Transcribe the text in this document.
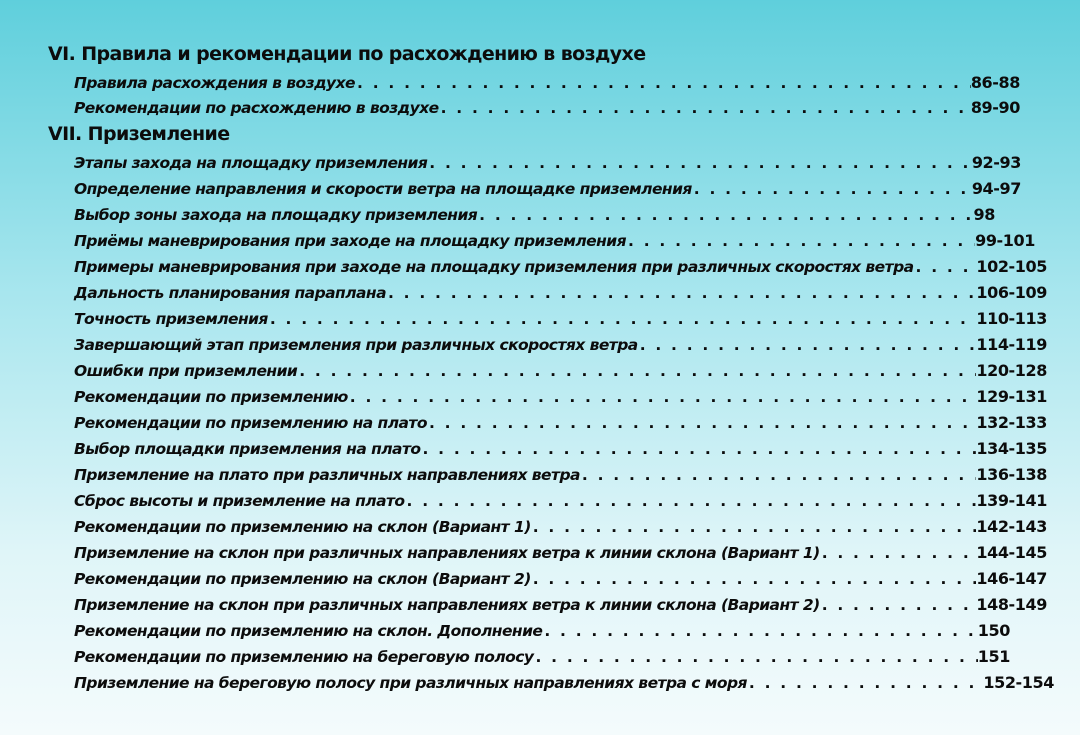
VI. Правила и рекомендации по расхождению в воздухе
Правила расхождения в воздухе . . .	86-88
Рекомендации по расхождению в воздухе . . .	89-90
VII. Приземление
Этапы захода на площадку приземления . . .	92-93
Определение направления и скорости ветра на площадке приземления . . .	94-97
Выбор зоны захода на площадку приземления . . .	98
Приёмы маневрирования при заходе на площадку приземления . . .	99-101
Примеры маневрирования при заходе на площадку приземления при различных скоростях ветра . . .	102-105
Дальность планирования параплана . . .	106-109
Точность приземления . . .	110-113
Завершающий этап приземления при различных скоростях ветра . . .	114-119
Ошибки при приземлении . . .	120-128
Рекомендации по приземлению . . .	129-131
Рекомендации по приземлению на плато . . .	132-133
Выбор площадки приземления на плато . . .	134-135
Приземление на плато при различных направлениях ветра . . .	136-138
Сброс высоты и приземление на плато . . .	139-141
Рекомендации по приземлению на склон (Вариант 1) . . .	142-143
Приземление на склон при различных направлениях ветра к линии склона (Вариант 1) . . .	144-145
Рекомендации по приземлению на склон (Вариант 2) . . .	146-147
Приземление на склон при различных направлениях ветра к линии склона (Вариант 2) . . .	148-149
Рекомендации по приземлению на склон. Дополнение . . .	150
Рекомендации по приземлению на береговую полосу . . .	151
Приземление на береговую полосу при различных направлениях ветра с моря . . .	152-154
